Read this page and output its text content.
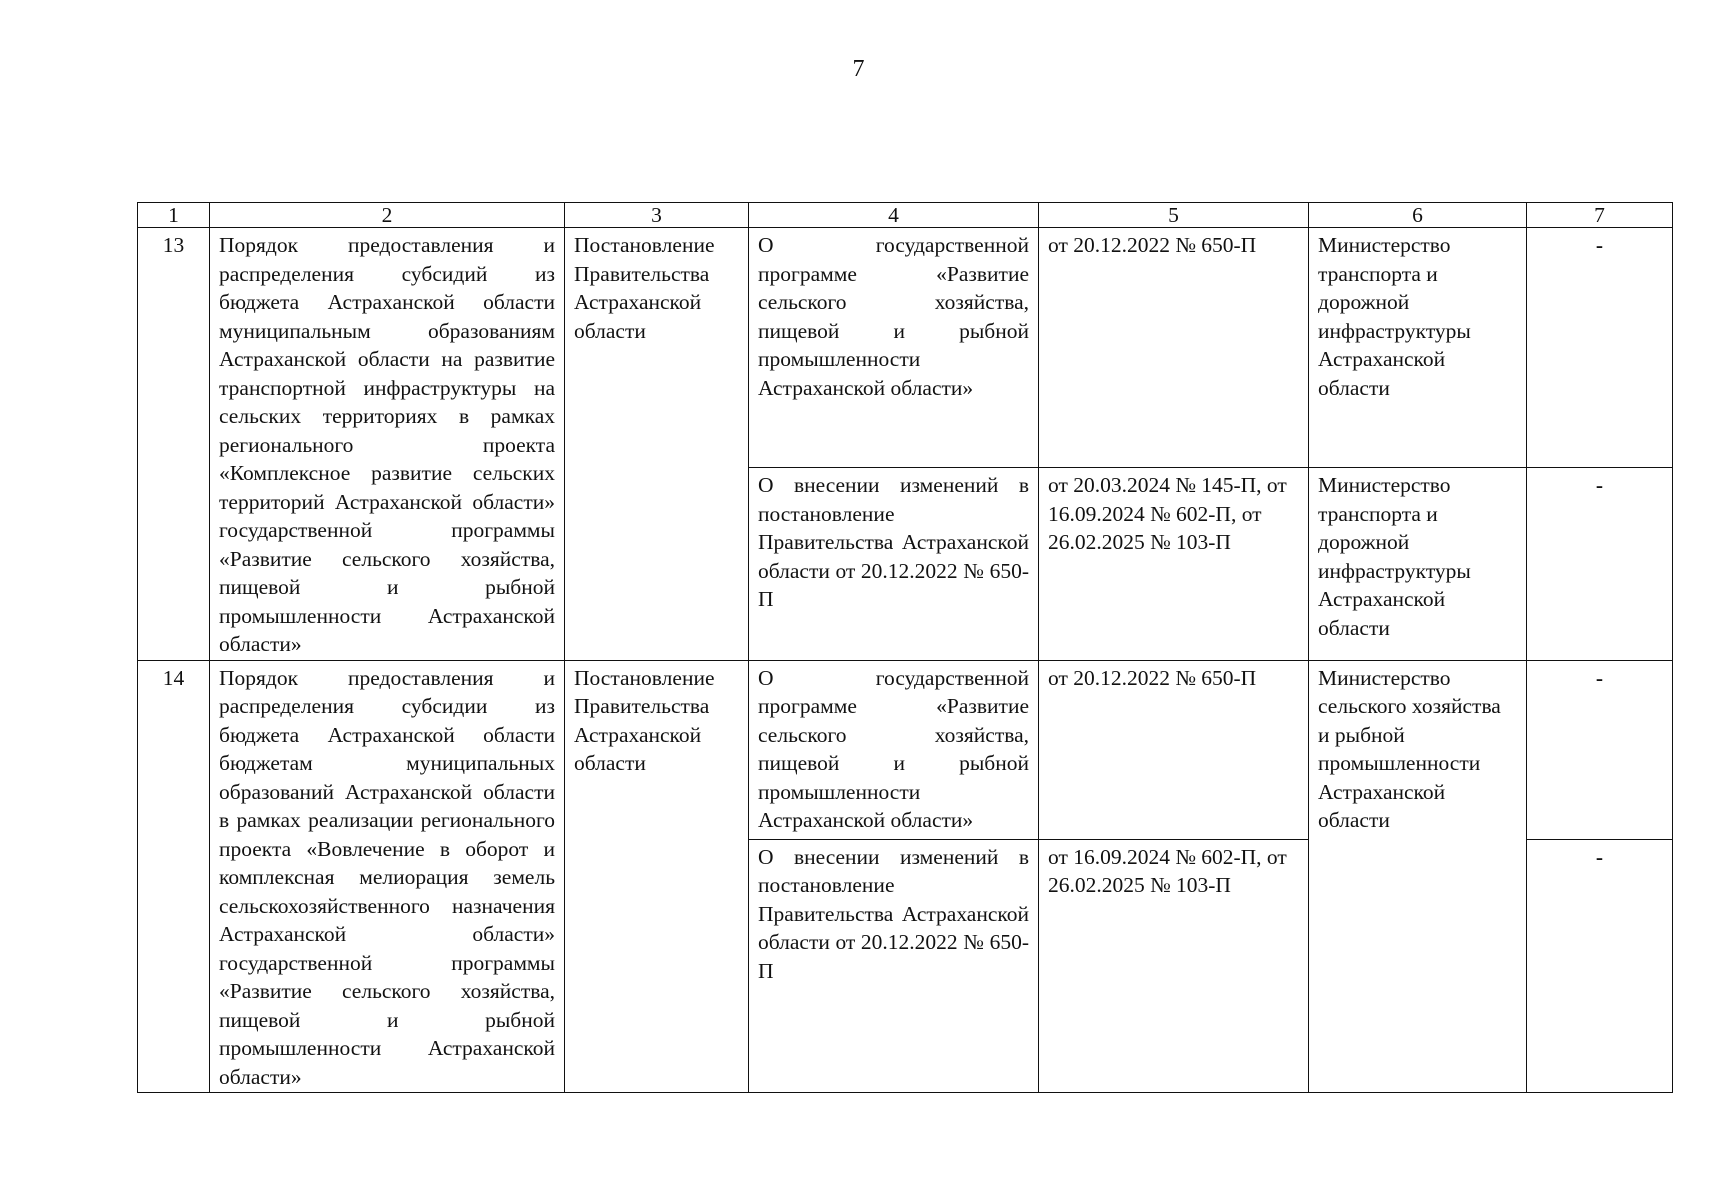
7
1	2	3	4	5	6	7
13	Порядок предоставления и распределения субсидий из бюджета Астраханской области муниципальным образованиям Астраханской области на развитие транспортной инфраструктуры на сельских территориях в рамках регионального проекта «Комплексное развитие сельских территорий Астраханской области» государственной программы «Развитие сельского хозяйства, пищевой и рыбной промышленности Астраханской области»	Постановление Правительства Астраханской области	О государственной программе «Развитие сельского хозяйства, пищевой и рыбной промышленности Астраханской области»	от 20.12.2022 № 650-П	Министерство транспорта и дорожной инфраструктуры Астраханской области	-
			О внесении изменений в постановление Правительства Астраханской области от 20.12.2022 № 650-П	от 20.03.2024 № 145-П, от 16.09.2024 № 602-П, от 26.02.2025 № 103-П	Министерство транспорта и дорожной инфраструктуры Астраханской области	-
14	Порядок предоставления и распределения субсидии из бюджета Астраханской области бюджетам муниципальных образований Астраханской области в рамках реализации регионального проекта «Вовлечение в оборот и комплексная мелиорация земель сельскохозяйственного назначения Астраханской области» государственной программы «Развитие сельского хозяйства, пищевой и рыбной промышленности Астраханской области»	Постановление Правительства Астраханской области	О государственной программе «Развитие сельского хозяйства, пищевой и рыбной промышленности Астраханской области»	от 20.12.2022 № 650-П	Министерство сельского хозяйства и рыбной промышленности Астраханской области	-
			О внесении изменений в постановление Правительства Астраханской области от 20.12.2022 № 650-П	от 16.09.2024 № 602-П, от 26.02.2025 № 103-П		-
